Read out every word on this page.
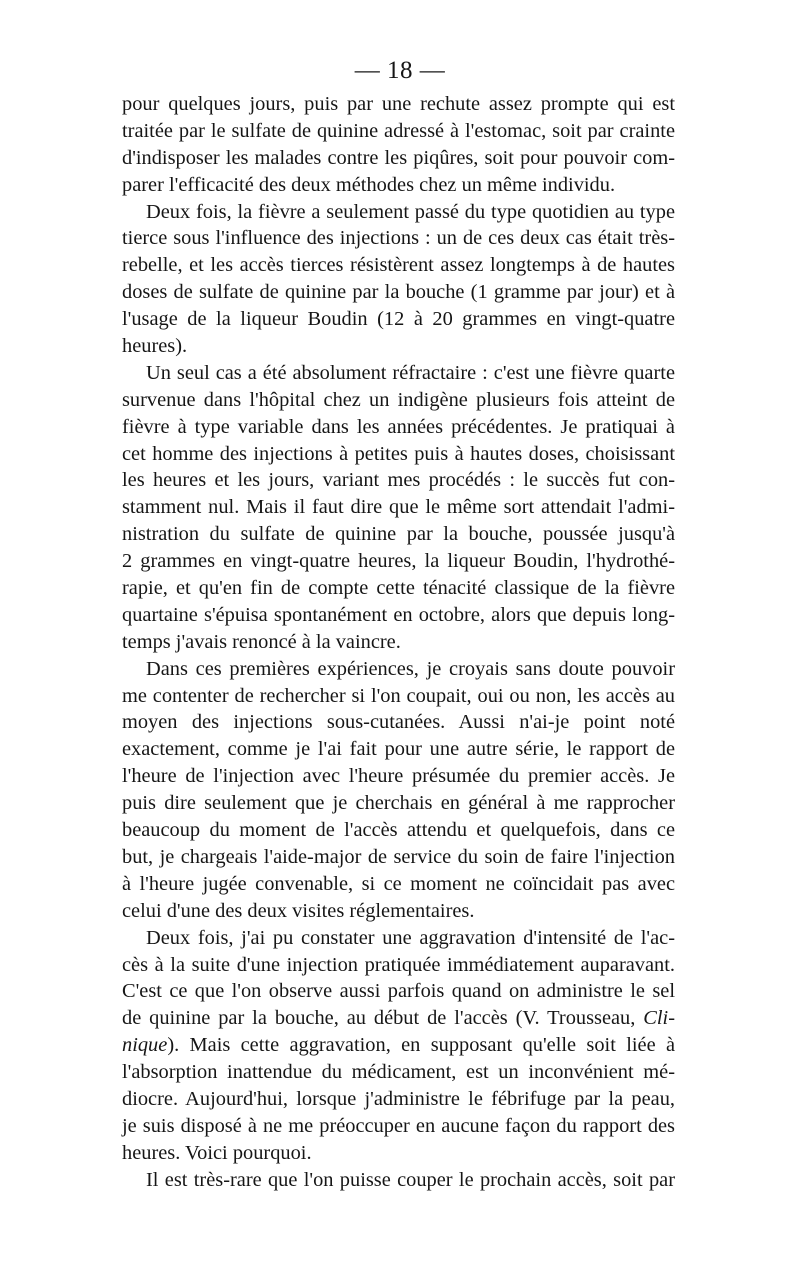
— 18 —
pour quelques jours, puis par une rechute assez prompte qui est
traitée par le sulfate de quinine adressé à l'estomac, soit par crainte
d'indisposer les malades contre les piqûres, soit pour pouvoir com-
parer l'efficacité des deux méthodes chez un même individu.
Deux fois, la fièvre a seulement passé du type quotidien au type
tierce sous l'influence des injections : un de ces deux cas était très-
rebelle, et les accès tierces résistèrent assez longtemps à de hautes
doses de sulfate de quinine par la bouche (1 gramme par jour) et à
l'usage de la liqueur Boudin (12 à 20 grammes en vingt-quatre
heures).
Un seul cas a été absolument réfractaire : c'est une fièvre quarte
survenue dans l'hôpital chez un indigène plusieurs fois atteint de
fièvre à type variable dans les années précédentes. Je pratiquai à
cet homme des injections à petites puis à hautes doses, choisissant
les heures et les jours, variant mes procédés : le succès fut con-
stamment nul. Mais il faut dire que le même sort attendait l'admi-
nistration du sulfate de quinine par la bouche, poussée jusqu'à
2 grammes en vingt-quatre heures, la liqueur Boudin, l'hydrothé-
rapie, et qu'en fin de compte cette ténacité classique de la fièvre
quartaine s'épuisa spontanément en octobre, alors que depuis long-
temps j'avais renoncé à la vaincre.
Dans ces premières expériences, je croyais sans doute pouvoir
me contenter de rechercher si l'on coupait, oui ou non, les accès au
moyen des injections sous-cutanées. Aussi n'ai-je point noté
exactement, comme je l'ai fait pour une autre série, le rapport de
l'heure de l'injection avec l'heure présumée du premier accès. Je
puis dire seulement que je cherchais en général à me rapprocher
beaucoup du moment de l'accès attendu et quelquefois, dans ce
but, je chargeais l'aide-major de service du soin de faire l'injection
à l'heure jugée convenable, si ce moment ne coïncidait pas avec
celui d'une des deux visites réglementaires.
Deux fois, j'ai pu constater une aggravation d'intensité de l'ac-
cès à la suite d'une injection pratiquée immédiatement auparavant.
C'est ce que l'on observe aussi parfois quand on administre le sel
de quinine par la bouche, au début de l'accès (V. Trousseau, Cli-
nique). Mais cette aggravation, en supposant qu'elle soit liée à
l'absorption inattendue du médicament, est un inconvénient mé-
diocre. Aujourd'hui, lorsque j'administre le fébrifuge par la peau,
je suis disposé à ne me préoccuper en aucune façon du rapport des
heures. Voici pourquoi.
Il est très-rare que l'on puisse couper le prochain accès, soit par
